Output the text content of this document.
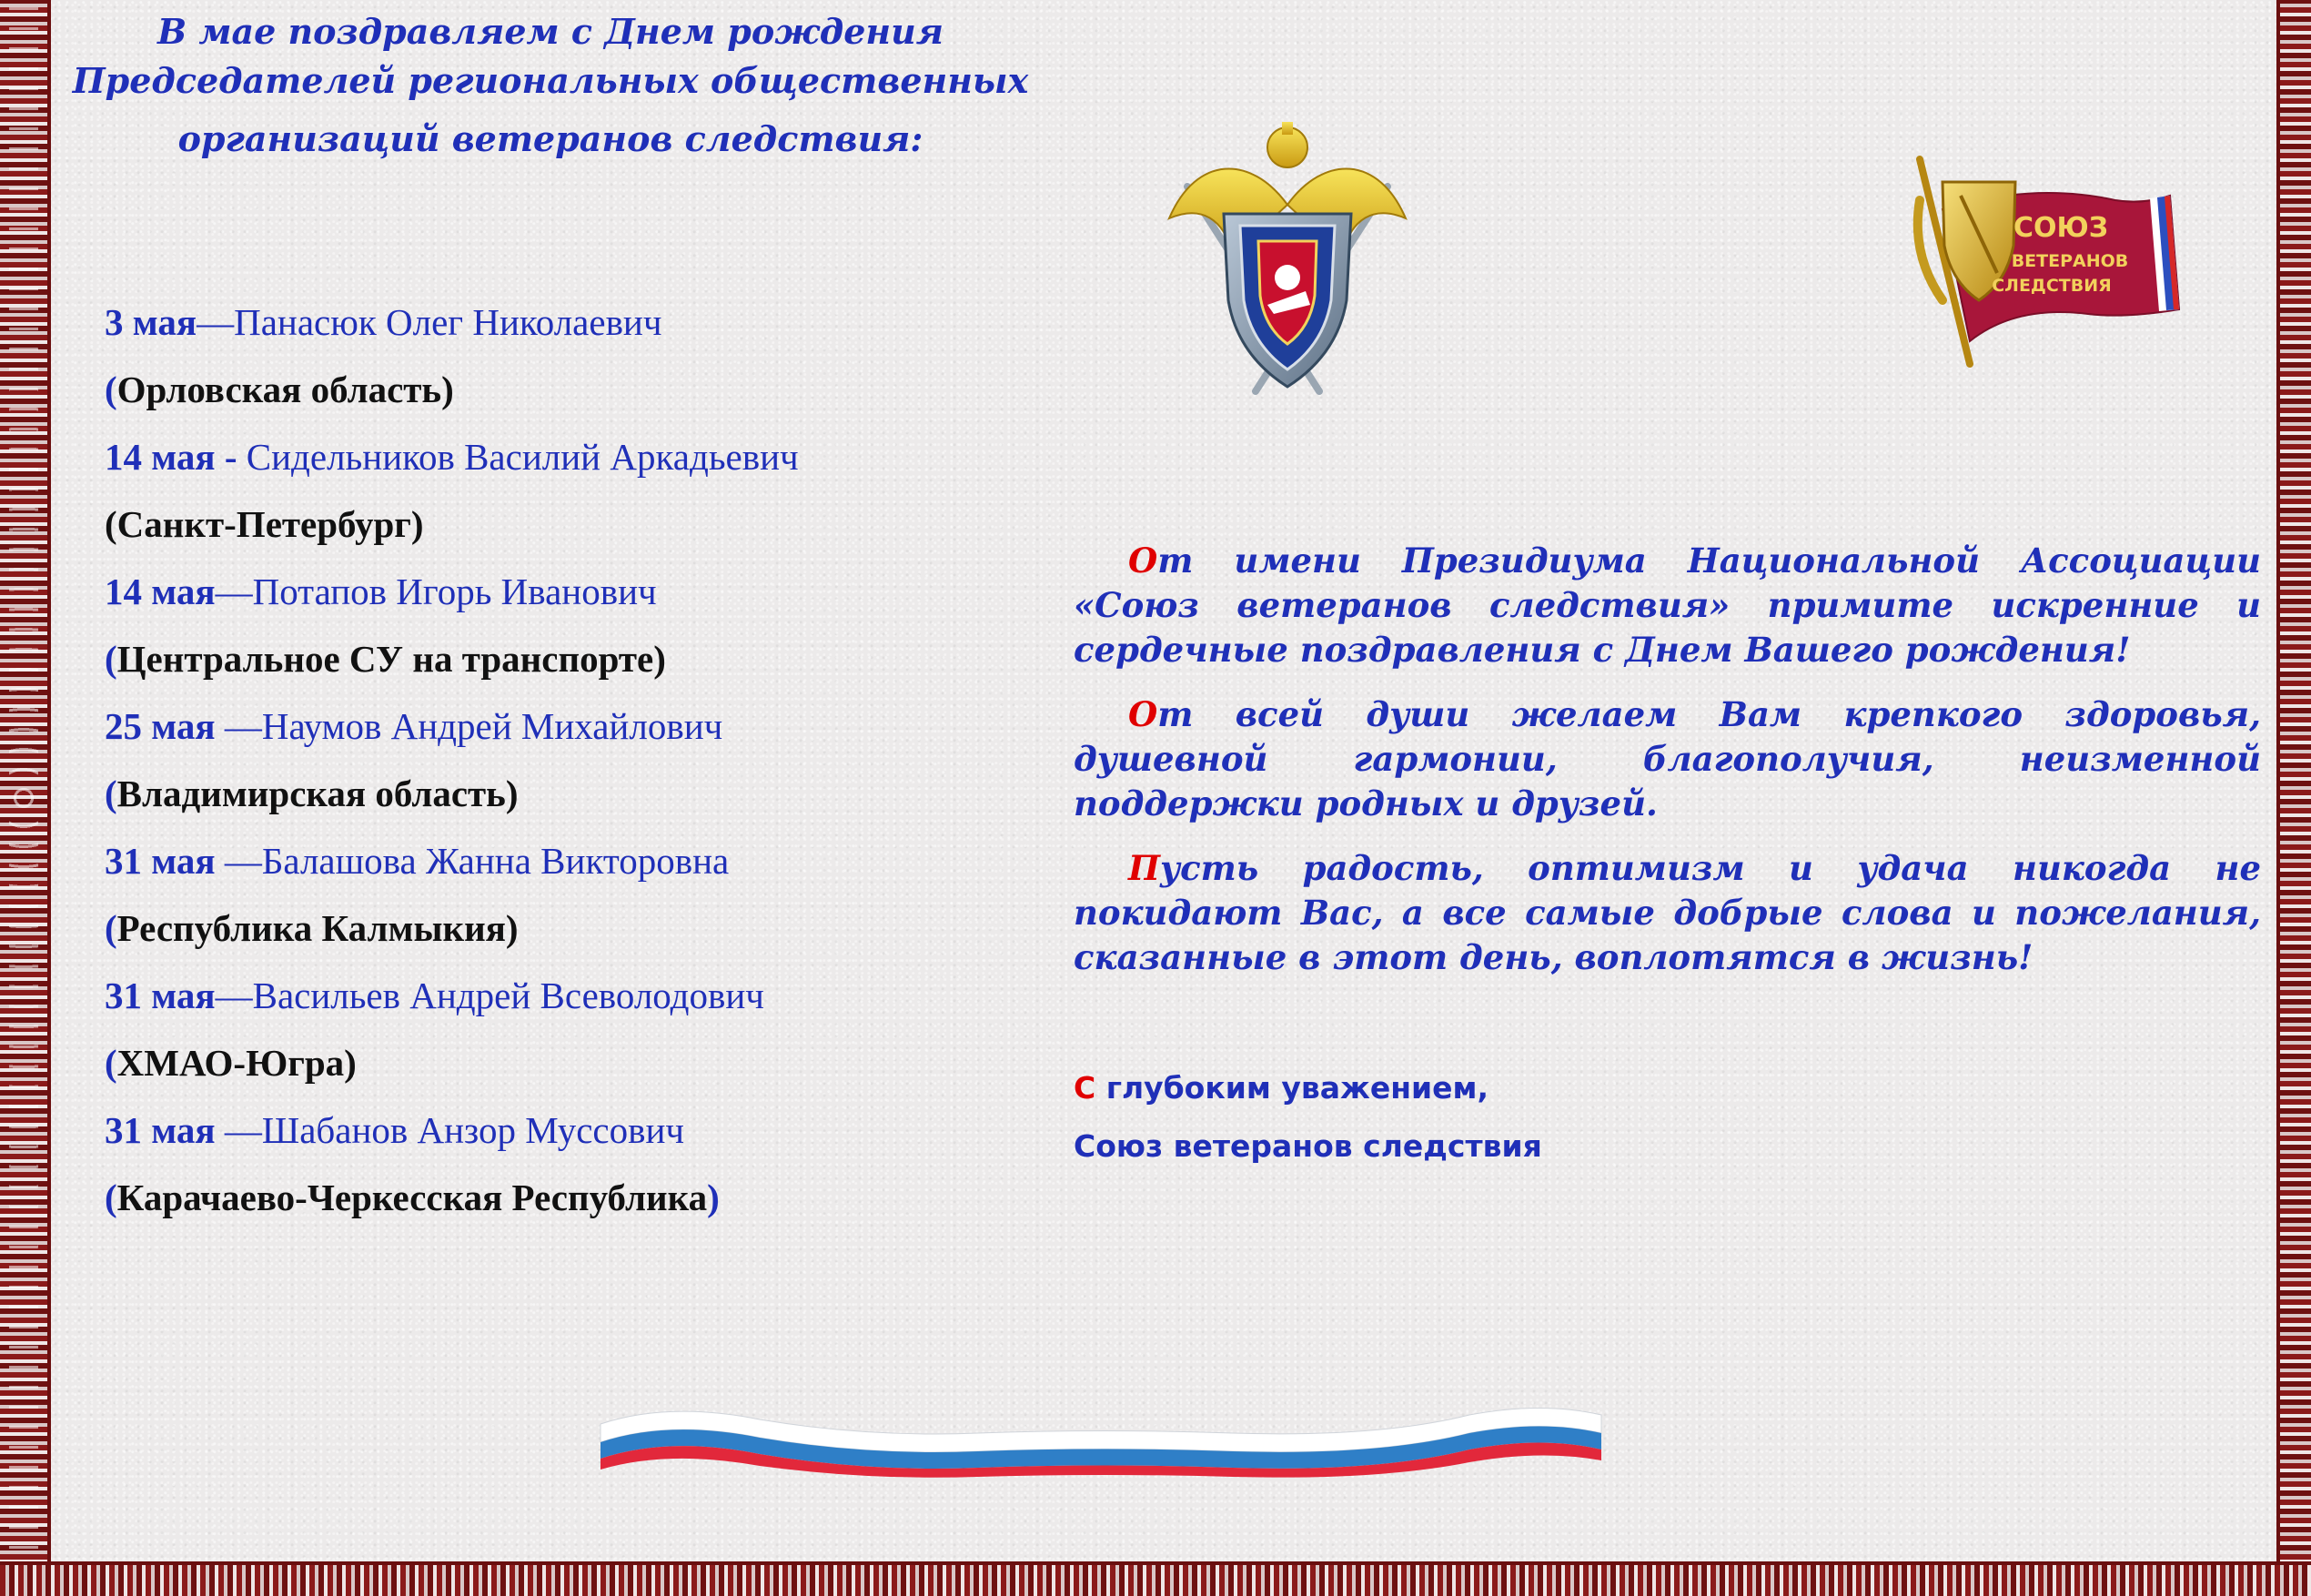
В мае поздравляем с Днем рождения
Председателей региональных общественных

организаций ветеранов следствия:
3 мая—Панасюк Олег Николаевич
(Орловская область)
14 мая - Сидельников Василий Аркадьевич
(Санкт-Петербург)
14 мая—Потапов Игорь Иванович
(Центральное СУ на транспорте)
25 мая —Наумов Андрей Михайлович
(Владимирская область)
31 мая —Балашова Жанна Викторовна
(Республика Калмыкия)
31 мая—Васильев Андрей Всеволодович
(ХМАО-Югра)
31 мая —Шабанов Анзор Муссович
(Карачаево-Черкесская Республика)

От имени Президиума Национальной Ассоциации «Союз ветеранов следствия» примите искренние и сердечные поздравления с Днем Вашего рождения!

От всей души желаем Вам крепкого здоровья, душевной гармонии, благополучия, неизменной поддержки родных и друзей.

Пусть радость, оптимизм и удача никогда не покидают Вас, а все самые добрые слова и пожелания, сказанные в этот день, воплотятся в жизнь!

С глубоким уважением,
Союз ветеранов следствия
СОЮЗ
ВЕТЕРАНОВ
СЛЕДСТВИЯ
